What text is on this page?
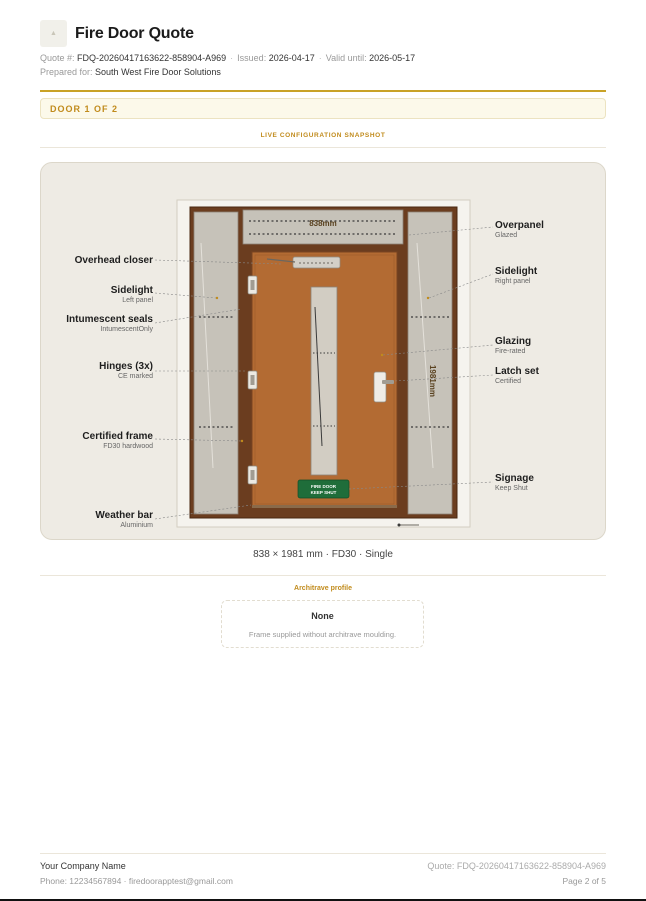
▲ Fire Door Quote
Quote #: FDQ-20260417163622-858904-A969 · Issued: 2026-04-17 · Valid until: 2026-05-17
Prepared for: South West Fire Door Solutions
DOOR 1 OF 2
LIVE CONFIGURATION SNAPSHOT
FIRE DOOR
KEEP SHUT
838mm
1981mm
Overhead closer
Sidelight
Left panel
Intumescent seals
IntumescentOnly
Hinges (3x)
CE marked
Certified frame
FD30 hardwood
Weather bar
Aluminium
Overpanel
Glazed
Sidelight
Right panel
Glazing
Fire-rated
Latch set
Certified
Signage
Keep Shut
838 × 1981 mm · FD30 · Single
Architrave profile
None
Frame supplied without architrave moulding.
Your Company Name
Phone: 12234567894 · firedoorapptest@gmail.com
Quote: FDQ-20260417163622-858904-A969
Page 2 of 5
